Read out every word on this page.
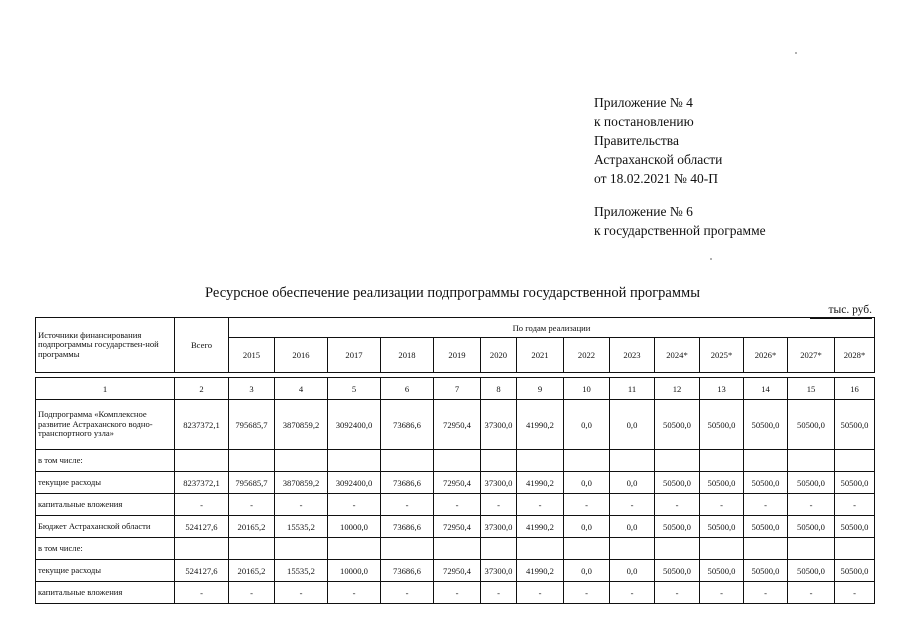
Приложение № 4
к постановлению
Правительства
Астраханской области
от 18.02.2021 № 40-П
Приложение № 6
к государственной программе
Ресурсное обеспечение реализации подпрограммы государственной программы
тыс. руб.
Источники финансирования подпрограммы государствен-ной программы	Всего	По годам реализации													
		2015	2016	2017	2018	2019	2020	2021	2022	2023	2024*	2025*	2026*	2027*	2028*

1	2	3	4	5	6	7	8	9	10	11	12	13	14	15	16
Подпрограмма «Комплексное развитие Астраханского водно-транспортного узла»	8237372,1	795685,7	3870859,2	3092400,0	73686,6	72950,4	37300,0	41990,2	0,0	0,0	50500,0	50500,0	50500,0	50500,0	50500,0
в том числе:															
текущие расходы	8237372,1	795685,7	3870859,2	3092400,0	73686,6	72950,4	37300,0	41990,2	0,0	0,0	50500,0	50500,0	50500,0	50500,0	50500,0
капитальные вложения	-	-	-	-	-	-	-	-	-	-	-	-	-	-	-
Бюджет Астраханской области	524127,6	20165,2	15535,2	10000,0	73686,6	72950,4	37300,0	41990,2	0,0	0,0	50500,0	50500,0	50500,0	50500,0	50500,0
в том числе:															
текущие расходы	524127,6	20165,2	15535,2	10000,0	73686,6	72950,4	37300,0	41990,2	0,0	0,0	50500,0	50500,0	50500,0	50500,0	50500,0
капитальные вложения	-	-	-	-	-	-	-	-	-	-	-	-	-	-	-
